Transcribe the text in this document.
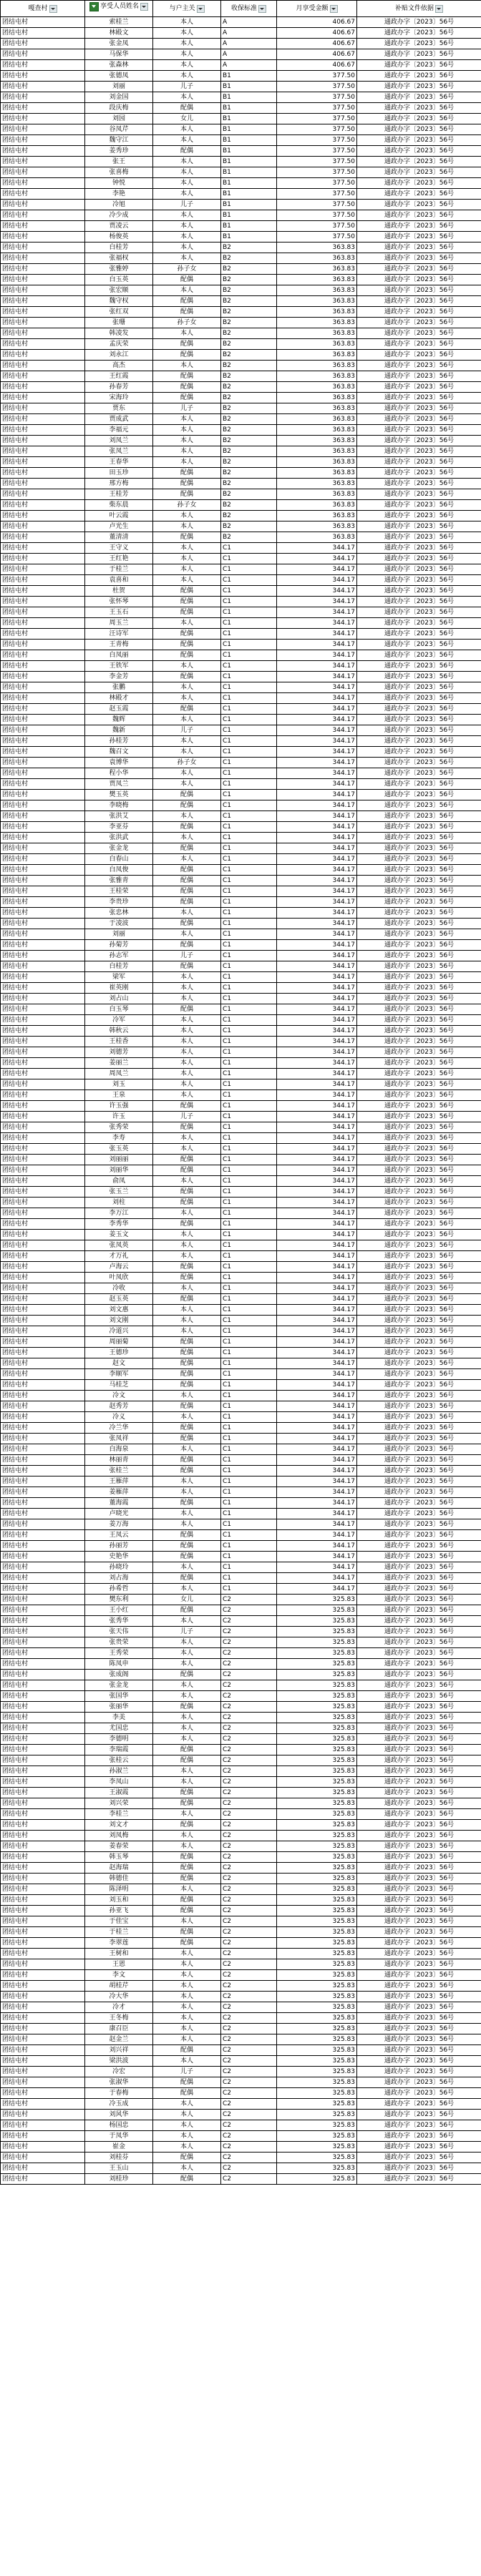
嘎查村	享受人员姓名	与户主关	收保标准	月享受金额	补贴文件依据

团结屯村	索桂兰	本人	A	406.67	通政办字〔2023〕56号
团结屯村	林殿文	本人	A	406.67	通政办字〔2023〕56号
团结屯村	张金凤	本人	A	406.67	通政办字〔2023〕56号
团结屯村	马保华	本人	A	406.67	通政办字〔2023〕56号
团结屯村	张森林	本人	A	406.67	通政办字〔2023〕56号
团结屯村	张德凤	本人	B1	377.50	通政办字〔2023〕56号
团结屯村	刘丽	儿子	B1	377.50	通政办字〔2023〕56号
团结屯村	刘金国	本人	B1	377.50	通政办字〔2023〕56号
团结屯村	段庆梅	配偶	B1	377.50	通政办字〔2023〕56号
团结屯村	刘园	女儿	B1	377.50	通政办字〔2023〕56号
团结屯村	谷凤芹	本人	B1	377.50	通政办字〔2023〕56号
团结屯村	魏守江	本人	B1	377.50	通政办字〔2023〕56号
团结屯村	姜秀珍	配偶	B1	377.50	通政办字〔2023〕56号
团结屯村	张王	本人	B1	377.50	通政办字〔2023〕56号
团结屯村	张喜梅	本人	B1	377.50	通政办字〔2023〕56号
团结屯村	钟悦	本人	B1	377.50	通政办字〔2023〕56号
团结屯村	李艳	本人	B1	377.50	通政办字〔2023〕56号
团结屯村	冷旭	儿子	B1	377.50	通政办字〔2023〕56号
团结屯村	冷少成	本人	B1	377.50	通政办字〔2023〕56号
团结屯村	贾凌云	本人	B1	377.50	通政办字〔2023〕56号
团结屯村	杨俊英	本人	B1	377.50	通政办字〔2023〕56号
团结屯村	白桂芳	本人	B2	363.83	通政办字〔2023〕56号
团结屯村	张福权	本人	B2	363.83	通政办字〔2023〕56号
团结屯村	张雅婷	孙子女	B2	363.83	通政办字〔2023〕56号
团结屯村	白玉英	配偶	B2	363.83	通政办字〔2023〕56号
团结屯村	张宏顺	本人	B2	363.83	通政办字〔2023〕56号
团结屯村	魏守权	配偶	B2	363.83	通政办字〔2023〕56号
团结屯村	张红双	配偶	B2	363.83	通政办字〔2023〕56号
团结屯村	张珊	孙子女	B2	363.83	通政办字〔2023〕56号
团结屯村	韩凌发	本人	B2	363.83	通政办字〔2023〕56号
团结屯村	孟庆荣	配偶	B2	363.83	通政办字〔2023〕56号
团结屯村	刘永江	配偶	B2	363.83	通政办字〔2023〕56号
团结屯村	高杰	本人	B2	363.83	通政办字〔2023〕56号
团结屯村	王红霞	配偶	B2	363.83	通政办字〔2023〕56号
团结屯村	孙春芳	配偶	B2	363.83	通政办字〔2023〕56号
团结屯村	宋海玲	配偶	B2	363.83	通政办字〔2023〕56号
团结屯村	贾东	儿子	B2	363.83	通政办字〔2023〕56号
团结屯村	贾成武	本人	B2	363.83	通政办字〔2023〕56号
团结屯村	李福元	本人	B2	363.83	通政办字〔2023〕56号
团结屯村	刘凤兰	本人	B2	363.83	通政办字〔2023〕56号
团结屯村	张凤兰	本人	B2	363.83	通政办字〔2023〕56号
团结屯村	王春华	本人	B2	363.83	通政办字〔2023〕56号
团结屯村	田玉珍	配偶	B2	363.83	通政办字〔2023〕56号
团结屯村	邢方梅	配偶	B2	363.83	通政办字〔2023〕56号
团结屯村	王桂芳	配偶	B2	363.83	通政办字〔2023〕56号
团结屯村	柴东晨	孙子女	B2	363.83	通政办字〔2023〕56号
团结屯村	叶云霞	本人	B2	363.83	通政办字〔2023〕56号
团结屯村	卢光生	本人	B2	363.83	通政办字〔2023〕56号
团结屯村	董清清	配偶	B2	363.83	通政办字〔2023〕56号
团结屯村	王守义	本人	C1	344.17	通政办字〔2023〕56号
团结屯村	王红艳	本人	C1	344.17	通政办字〔2023〕56号
团结屯村	于桂兰	本人	C1	344.17	通政办字〔2023〕56号
团结屯村	袁喜和	本人	C1	344.17	通政办字〔2023〕56号
团结屯村	杜贺	配偶	C1	344.17	通政办字〔2023〕56号
团结屯村	张怀琴	配偶	C1	344.17	通政办字〔2023〕56号
团结屯村	王玉石	配偶	C1	344.17	通政办字〔2023〕56号
团结屯村	周玉兰	本人	C1	344.17	通政办字〔2023〕56号
团结屯村	汪诗军	配偶	C1	344.17	通政办字〔2023〕56号
团结屯村	王青梅	配偶	C1	344.17	通政办字〔2023〕56号
团结屯村	白凤丽	配偶	C1	344.17	通政办字〔2023〕56号
团结屯村	王铁军	本人	C1	344.17	通政办字〔2023〕56号
团结屯村	李金芳	配偶	C1	344.17	通政办字〔2023〕56号
团结屯村	张鹏	本人	C1	344.17	通政办字〔2023〕56号
团结屯村	林殿才	本人	C1	344.17	通政办字〔2023〕56号
团结屯村	赵玉霞	配偶	C1	344.17	通政办字〔2023〕56号
团结屯村	魏辉	本人	C1	344.17	通政办字〔2023〕56号
团结屯村	魏新	儿子	C1	344.17	通政办字〔2023〕56号
团结屯村	孙桂芳	本人	C1	344.17	通政办字〔2023〕56号
团结屯村	魏召文	本人	C1	344.17	通政办字〔2023〕56号
团结屯村	袁博华	孙子女	C1	344.17	通政办字〔2023〕56号
团结屯村	程小华	本人	C1	344.17	通政办字〔2023〕56号
团结屯村	贾凤兰	本人	C1	344.17	通政办字〔2023〕56号
团结屯村	樊玉英	配偶	C1	344.17	通政办字〔2023〕56号
团结屯村	李晓梅	配偶	C1	344.17	通政办字〔2023〕56号
团结屯村	张洪艾	本人	C1	344.17	通政办字〔2023〕56号
团结屯村	李亚芬	配偶	C1	344.17	通政办字〔2023〕56号
团结屯村	张洪武	本人	C1	344.17	通政办字〔2023〕56号
团结屯村	张金龙	配偶	C1	344.17	通政办字〔2023〕56号
团结屯村	白春山	本人	C1	344.17	通政办字〔2023〕56号
团结屯村	白凤俊	配偶	C1	344.17	通政办字〔2023〕56号
团结屯村	张雅青	配偶	C1	344.17	通政办字〔2023〕56号
团结屯村	王桂荣	配偶	C1	344.17	通政办字〔2023〕56号
团结屯村	李贵珍	配偶	C1	344.17	通政办字〔2023〕56号
团结屯村	张忠林	本人	C1	344.17	通政办字〔2023〕56号
团结屯村	于凌波	配偶	C1	344.17	通政办字〔2023〕56号
团结屯村	刘丽	本人	C1	344.17	通政办字〔2023〕56号
团结屯村	孙菊芳	配偶	C1	344.17	通政办字〔2023〕56号
团结屯村	孙志军	儿子	C1	344.17	通政办字〔2023〕56号
团结屯村	白桂芳	配偶	C1	344.17	通政办字〔2023〕56号
团结屯村	梁军	本人	C1	344.17	通政办字〔2023〕56号
团结屯村	崔英刚	本人	C1	344.17	通政办字〔2023〕56号
团结屯村	刘占山	本人	C1	344.17	通政办字〔2023〕56号
团结屯村	白玉琴	配偶	C1	344.17	通政办字〔2023〕56号
团结屯村	冷军	本人	C1	344.17	通政办字〔2023〕56号
团结屯村	韩秋云	本人	C1	344.17	通政办字〔2023〕56号
团结屯村	王桂香	本人	C1	344.17	通政办字〔2023〕56号
团结屯村	刘德芳	本人	C1	344.17	通政办字〔2023〕56号
团结屯村	姜丽兰	本人	C1	344.17	通政办字〔2023〕56号
团结屯村	周凤兰	本人	C1	344.17	通政办字〔2023〕56号
团结屯村	刘玉	本人	C1	344.17	通政办字〔2023〕56号
团结屯村	王泉	本人	C1	344.17	通政办字〔2023〕56号
团结屯村	许玉强	配偶	C1	344.17	通政办字〔2023〕56号
团结屯村	许玉	儿子	C1	344.17	通政办字〔2023〕56号
团结屯村	张秀荣	配偶	C1	344.17	通政办字〔2023〕56号
团结屯村	李寿	本人	C1	344.17	通政办字〔2023〕56号
团结屯村	张玉英	本人	C1	344.17	通政办字〔2023〕56号
团结屯村	刘丽丽	配偶	C1	344.17	通政办字〔2023〕56号
团结屯村	刘丽华	配偶	C1	344.17	通政办字〔2023〕56号
团结屯村	俞凤	本人	C1	344.17	通政办字〔2023〕56号
团结屯村	张玉兰	配偶	C1	344.17	通政办字〔2023〕56号
团结屯村	刘柱	配偶	C1	344.17	通政办字〔2023〕56号
团结屯村	李万江	本人	C1	344.17	通政办字〔2023〕56号
团结屯村	李秀华	配偶	C1	344.17	通政办字〔2023〕56号
团结屯村	姜玉文	本人	C1	344.17	通政办字〔2023〕56号
团结屯村	张凤英	本人	C1	344.17	通政办字〔2023〕56号
团结屯村	才万礼	本人	C1	344.17	通政办字〔2023〕56号
团结屯村	卢海云	配偶	C1	344.17	通政办字〔2023〕56号
团结屯村	叶凤欣	配偶	C1	344.17	通政办字〔2023〕56号
团结屯村	冷收	本人	C1	344.17	通政办字〔2023〕56号
团结屯村	赵玉英	配偶	C1	344.17	通政办字〔2023〕56号
团结屯村	刘文惠	本人	C1	344.17	通政办字〔2023〕56号
团结屯村	刘文刚	本人	C1	344.17	通政办字〔2023〕56号
团结屯村	冷道兴	本人	C1	344.17	通政办字〔2023〕56号
团结屯村	周丽菊	配偶	C1	344.17	通政办字〔2023〕56号
团结屯村	王德珍	配偶	C1	344.17	通政办字〔2023〕56号
团结屯村	赵文	配偶	C1	344.17	通政办字〔2023〕56号
团结屯村	李顺军	配偶	C1	344.17	通政办字〔2023〕56号
团结屯村	马桂芝	配偶	C1	344.17	通政办字〔2023〕56号
团结屯村	冷文	本人	C1	344.17	通政办字〔2023〕56号
团结屯村	赵秀芳	配偶	C1	344.17	通政办字〔2023〕56号
团结屯村	冷义	本人	C1	344.17	通政办字〔2023〕56号
团结屯村	冷兰华	配偶	C1	344.17	通政办字〔2023〕56号
团结屯村	张凤祥	配偶	C1	344.17	通政办字〔2023〕56号
团结屯村	白海泉	本人	C1	344.17	通政办字〔2023〕56号
团结屯村	林丽青	配偶	C1	344.17	通政办字〔2023〕56号
团结屯村	张桂兰	配偶	C1	344.17	通政办字〔2023〕56号
团结屯村	王雁萍	本人	C1	344.17	通政办字〔2023〕56号
团结屯村	姜雁萍	本人	C1	344.17	通政办字〔2023〕56号
团结屯村	董海霞	配偶	C1	344.17	通政办字〔2023〕56号
团结屯村	卢晓光	本人	C1	344.17	通政办字〔2023〕56号
团结屯村	姜万海	本人	C1	344.17	通政办字〔2023〕56号
团结屯村	王凤云	配偶	C1	344.17	通政办字〔2023〕56号
团结屯村	孙丽芳	配偶	C1	344.17	通政办字〔2023〕56号
团结屯村	史艳华	配偶	C1	344.17	通政办字〔2023〕56号
团结屯村	孙晓玲	本人	C1	344.17	通政办字〔2023〕56号
团结屯村	刘占海	配偶	C1	344.17	通政办字〔2023〕56号
团结屯村	孙希哲	本人	C1	344.17	通政办字〔2023〕56号
团结屯村	樊东利	女儿	C2	325.83	通政办字〔2023〕56号
团结屯村	王小红	配偶	C2	325.83	通政办字〔2023〕56号
团结屯村	张秀华	本人	C2	325.83	通政办字〔2023〕56号
团结屯村	张天伟	儿子	C2	325.83	通政办字〔2023〕56号
团结屯村	张贵荣	本人	C2	325.83	通政办字〔2023〕56号
团结屯村	王秀荣	本人	C2	325.83	通政办字〔2023〕56号
团结屯村	陈凤申	本人	C2	325.83	通政办字〔2023〕56号
团结屯村	张成阁	配偶	C2	325.83	通政办字〔2023〕56号
团结屯村	张金龙	本人	C2	325.83	通政办字〔2023〕56号
团结屯村	张国华	本人	C2	325.83	通政办字〔2023〕56号
团结屯村	张丽华	配偶	C2	325.83	通政办字〔2023〕56号
团结屯村	李美	本人	C2	325.83	通政办字〔2023〕56号
团结屯村	尤国忠	本人	C2	325.83	通政办字〔2023〕56号
团结屯村	李德明	本人	C2	325.83	通政办字〔2023〕56号
团结屯村	李瑞霞	配偶	C2	325.83	通政办字〔2023〕56号
团结屯村	张桂云	配偶	C2	325.83	通政办字〔2023〕56号
团结屯村	孙淑兰	本人	C2	325.83	通政办字〔2023〕56号
团结屯村	李凤山	本人	C2	325.83	通政办字〔2023〕56号
团结屯村	王淑霞	配偶	C2	325.83	通政办字〔2023〕56号
团结屯村	刘兴荣	配偶	C2	325.83	通政办字〔2023〕56号
团结屯村	李桂兰	本人	C2	325.83	通政办字〔2023〕56号
团结屯村	刘文才	配偶	C2	325.83	通政办字〔2023〕56号
团结屯村	刘凤梅	本人	C2	325.83	通政办字〔2023〕56号
团结屯村	姜春荣	本人	C2	325.83	通政办字〔2023〕56号
团结屯村	韩玉琴	配偶	C2	325.83	通政办字〔2023〕56号
团结屯村	赵海瑞	配偶	C2	325.83	通政办字〔2023〕56号
团结屯村	韩德佳	配偶	C2	325.83	通政办字〔2023〕56号
团结屯村	陈泽明	本人	C2	325.83	通政办字〔2023〕56号
团结屯村	刘玉和	配偶	C2	325.83	通政办字〔2023〕56号
团结屯村	孙亚飞	配偶	C2	325.83	通政办字〔2023〕56号
团结屯村	于佳宝	本人	C2	325.83	通政办字〔2023〕56号
团结屯村	于桂兰	配偶	C2	325.83	通政办字〔2023〕56号
团结屯村	李翠莲	配偶	C2	325.83	通政办字〔2023〕56号
团结屯村	王树和	本人	C2	325.83	通政办字〔2023〕56号
团结屯村	王恩	本人	C2	325.83	通政办字〔2023〕56号
团结屯村	李文	本人	C2	325.83	通政办字〔2023〕56号
团结屯村	胡桂芹	本人	C2	325.83	通政办字〔2023〕56号
团结屯村	冷大华	本人	C2	325.83	通政办字〔2023〕56号
团结屯村	冷才	本人	C2	325.83	通政办字〔2023〕56号
团结屯村	王冬梅	本人	C2	325.83	通政办字〔2023〕56号
团结屯村	康召臣	本人	C2	325.83	通政办字〔2023〕56号
团结屯村	赵金兰	本人	C2	325.83	通政办字〔2023〕56号
团结屯村	刘兴祥	配偶	C2	325.83	通政办字〔2023〕56号
团结屯村	梁洪波	本人	C2	325.83	通政办字〔2023〕56号
团结屯村	冷宏	儿子	C2	325.83	通政办字〔2023〕56号
团结屯村	张淑华	配偶	C2	325.83	通政办字〔2023〕56号
团结屯村	于春梅	配偶	C2	325.83	通政办字〔2023〕56号
团结屯村	冷玉成	本人	C2	325.83	通政办字〔2023〕56号
团结屯村	刘风华	本人	C2	325.83	通政办字〔2023〕56号
团结屯村	杨国忠	本人	C2	325.83	通政办字〔2023〕56号
团结屯村	于凤华	本人	C2	325.83	通政办字〔2023〕56号
团结屯村	崔金	本人	C2	325.83	通政办字〔2023〕56号
团结屯村	刘桂芬	配偶	C2	325.83	通政办字〔2023〕56号
团结屯村	王玉山	本人	C2	325.83	通政办字〔2023〕56号
团结屯村	刘桂珍	配偶	C2	325.83	通政办字〔2023〕56号
